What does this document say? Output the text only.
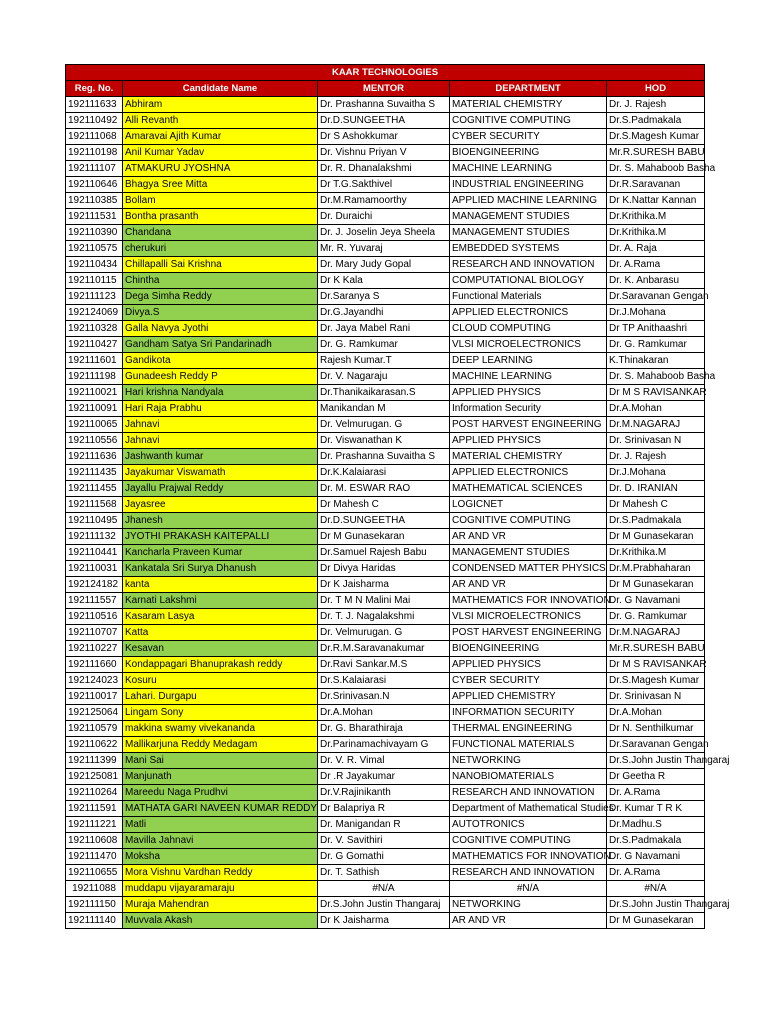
KAAR TECHNOLOGIES				
Reg. No.	Candidate Name	MENTOR	DEPARTMENT	HOD
192111633	Abhiram	Dr. Prashanna Suvaitha S	MATERIAL CHEMISTRY	Dr. J. Rajesh
192110492	Alli Revanth	Dr.D.SUNGEETHA	COGNITIVE COMPUTING	Dr.S.Padmakala
192111068	Amaravai Ajith Kumar	Dr S Ashokkumar	CYBER SECURITY	Dr.S.Magesh Kumar
192110198	Anil Kumar Yadav	Dr. Vishnu Priyan V	BIOENGINEERING	Mr.R.SURESH BABU
192111107	ATMAKURU JYOSHNA	Dr. R. Dhanalakshmi	MACHINE LEARNING	Dr. S. Mahaboob Basha
192110646	Bhagya Sree Mitta	Dr T.G.Sakthivel	INDUSTRIAL ENGINEERING	Dr.R.Saravanan
192110385	Bollam	Dr.M.Ramamoorthy	APPLIED MACHINE LEARNING	Dr K.Nattar Kannan
192111531	Bontha prasanth	Dr. Duraichi	MANAGEMENT STUDIES	Dr.Krithika.M
192110390	Chandana	Dr. J. Joselin Jeya Sheela	MANAGEMENT STUDIES	Dr.Krithika.M
192110575	cherukuri	Mr. R. Yuvaraj	EMBEDDED SYSTEMS	Dr. A. Raja
192110434	Chillapalli Sai Krishna	Dr. Mary Judy Gopal	RESEARCH AND INNOVATION	Dr. A.Rama
192110115	Chintha	Dr K Kala	COMPUTATIONAL BIOLOGY	Dr. K. Anbarasu
192111123	Dega Simha Reddy	Dr.Saranya S	Functional Materials	Dr.Saravanan Gengan
192124069	Divya.S	Dr.G.Jayandhi	APPLIED ELECTRONICS	Dr.J.Mohana
192110328	Galla Navya Jyothi	Dr. Jaya Mabel Rani	CLOUD COMPUTING	Dr TP Anithaashri
192110427	Gandham Satya Sri Pandarinadh	Dr. G. Ramkumar	VLSI MICROELECTRONICS	Dr. G. Ramkumar
192111601	Gandikota	Rajesh Kumar.T	DEEP LEARNING	K.Thinakaran
192111198	Gunadeesh Reddy P	Dr. V. Nagaraju	MACHINE LEARNING	Dr. S. Mahaboob Basha
192110021	Hari krishna Nandyala	Dr.Thanikaikarasan.S	APPLIED PHYSICS	Dr M S RAVISANKAR
192110091	Hari Raja Prabhu	Manikandan M	Information Security	Dr.A.Mohan
192110065	Jahnavi	Dr. Velmurugan. G	POST HARVEST ENGINEERING	Dr.M.NAGARAJ
192110556	Jahnavi	Dr. Viswanathan K	APPLIED PHYSICS	Dr. Srinivasan N
192111636	Jashwanth kumar	Dr. Prashanna Suvaitha S	MATERIAL CHEMISTRY	Dr. J. Rajesh
192111435	Jayakumar Viswamath	Dr.K.Kalaiarasi	APPLIED ELECTRONICS	Dr.J.Mohana
192111455	Jayallu Prajwal Reddy	Dr. M. ESWAR RAO	MATHEMATICAL SCIENCES	Dr. D. IRANIAN
192111568	Jayasree	Dr Mahesh C	LOGICNET	Dr Mahesh C
192110495	Jhanesh	Dr.D.SUNGEETHA	COGNITIVE COMPUTING	Dr.S.Padmakala
192111132	JYOTHI PRAKASH KAITEPALLI	Dr M Gunasekaran	AR AND VR	Dr M Gunasekaran
192110441	Kancharla Praveen Kumar	Dr.Samuel Rajesh Babu	MANAGEMENT STUDIES	Dr.Krithika.M
192110031	Kankatala Sri Surya Dhanush	Dr Divya Haridas	CONDENSED MATTER PHYSICS	Dr.M.Prabhaharan
192124182	kanta	Dr K Jaisharma	AR AND VR	Dr M Gunasekaran
192111557	Karnati Lakshmi	Dr. T M N Malini Mai	MATHEMATICS FOR INNOVATION	Dr. G Navamani
192110516	Kasaram Lasya	Dr. T. J. Nagalakshmi	VLSI MICROELECTRONICS	Dr. G. Ramkumar
192110707	Katta	Dr. Velmurugan. G	POST HARVEST ENGINEERING	Dr.M.NAGARAJ
192110227	Kesavan	Dr.R.M.Saravanakumar	BIOENGINEERING	Mr.R.SURESH BABU
192111660	Kondappagari Bhanuprakash reddy	Dr.Ravi Sankar.M.S	APPLIED PHYSICS	Dr M S RAVISANKAR
192124023	Kosuru	Dr.S.Kalaiarasi	CYBER SECURITY	Dr.S.Magesh Kumar
192110017	Lahari. Durgapu	Dr.Srinivasan.N	APPLIED CHEMISTRY	Dr. Srinivasan N
192125064	Lingam Sony	Dr.A.Mohan	INFORMATION SECURITY	Dr.A.Mohan
192110579	makkina swamy vivekananda	Dr. G. Bharathiraja	THERMAL ENGINEERING	Dr N. Senthilkumar
192110622	Mallikarjuna Reddy Medagam	Dr.Parinamachivayam G	FUNCTIONAL MATERIALS	Dr.Saravanan Gengan
192111399	Mani Sai	Dr. V. R. Vimal	NETWORKING	Dr.S.John Justin Thangaraj
192125081	Manjunath	Dr .R Jayakumar	NANOBIOMATERIALS	Dr Geetha R
192110264	Mareedu Naga Prudhvi	Dr.V.Rajinikanth	RESEARCH AND INNOVATION	Dr. A.Rama
192111591	MATHATA GARI NAVEEN KUMAR REDDY	Dr Balapriya R	Department of Mathematical Studies	Dr. Kumar T R K
192111221	Matli	Dr. Manigandan R	AUTOTRONICS	Dr.Madhu.S
192110608	Mavilla Jahnavi	Dr. V. Savithiri	COGNITIVE COMPUTING	Dr.S.Padmakala
192111470	Moksha	Dr. G Gomathi	MATHEMATICS FOR INNOVATION	Dr. G Navamani
192110655	Mora Vishnu Vardhan Reddy	Dr. T. Sathish	RESEARCH AND INNOVATION	Dr. A.Rama
19211088	muddapu vijayaramaraju	#N/A	#N/A	#N/A
192111150	Muraja Mahendran	Dr.S.John Justin Thangaraj	NETWORKING	Dr.S.John Justin Thangaraj
192111140	Muvvala Akash	Dr K Jaisharma	AR AND VR	Dr M Gunasekaran
